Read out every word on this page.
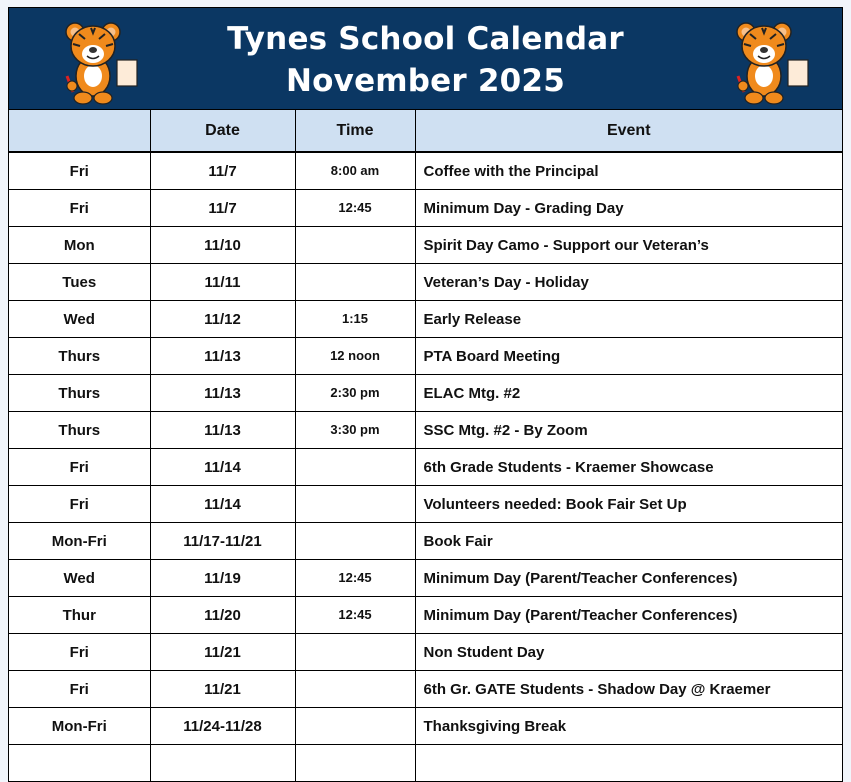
Tynes School Calendar
November 2025
	Date	Time	Event
Fri	11/7	8:00 am	Coffee with the Principal
Fri	11/7	12:45	Minimum Day - Grading Day
Mon	11/10		Spirit Day Camo - Support our Veteran’s
Tues	11/11		Veteran’s Day - Holiday
Wed	11/12	1:15	Early Release
Thurs	11/13	12 noon	PTA Board Meeting
Thurs	11/13	2:30 pm	ELAC Mtg. #2
Thurs	11/13	3:30 pm	SSC Mtg. #2 - By Zoom
Fri	11/14		6th Grade Students - Kraemer Showcase
Fri	11/14		Volunteers needed: Book Fair Set Up
Mon-Fri	11/17-11/21		Book Fair
Wed	11/19	12:45	Minimum Day (Parent/Teacher Conferences)
Thur	11/20	12:45	Minimum Day (Parent/Teacher Conferences)
Fri	11/21		Non Student Day
Fri	11/21		6th Gr. GATE Students - Shadow Day @ Kraemer
Mon-Fri	11/24-11/28		Thanksgiving Break
